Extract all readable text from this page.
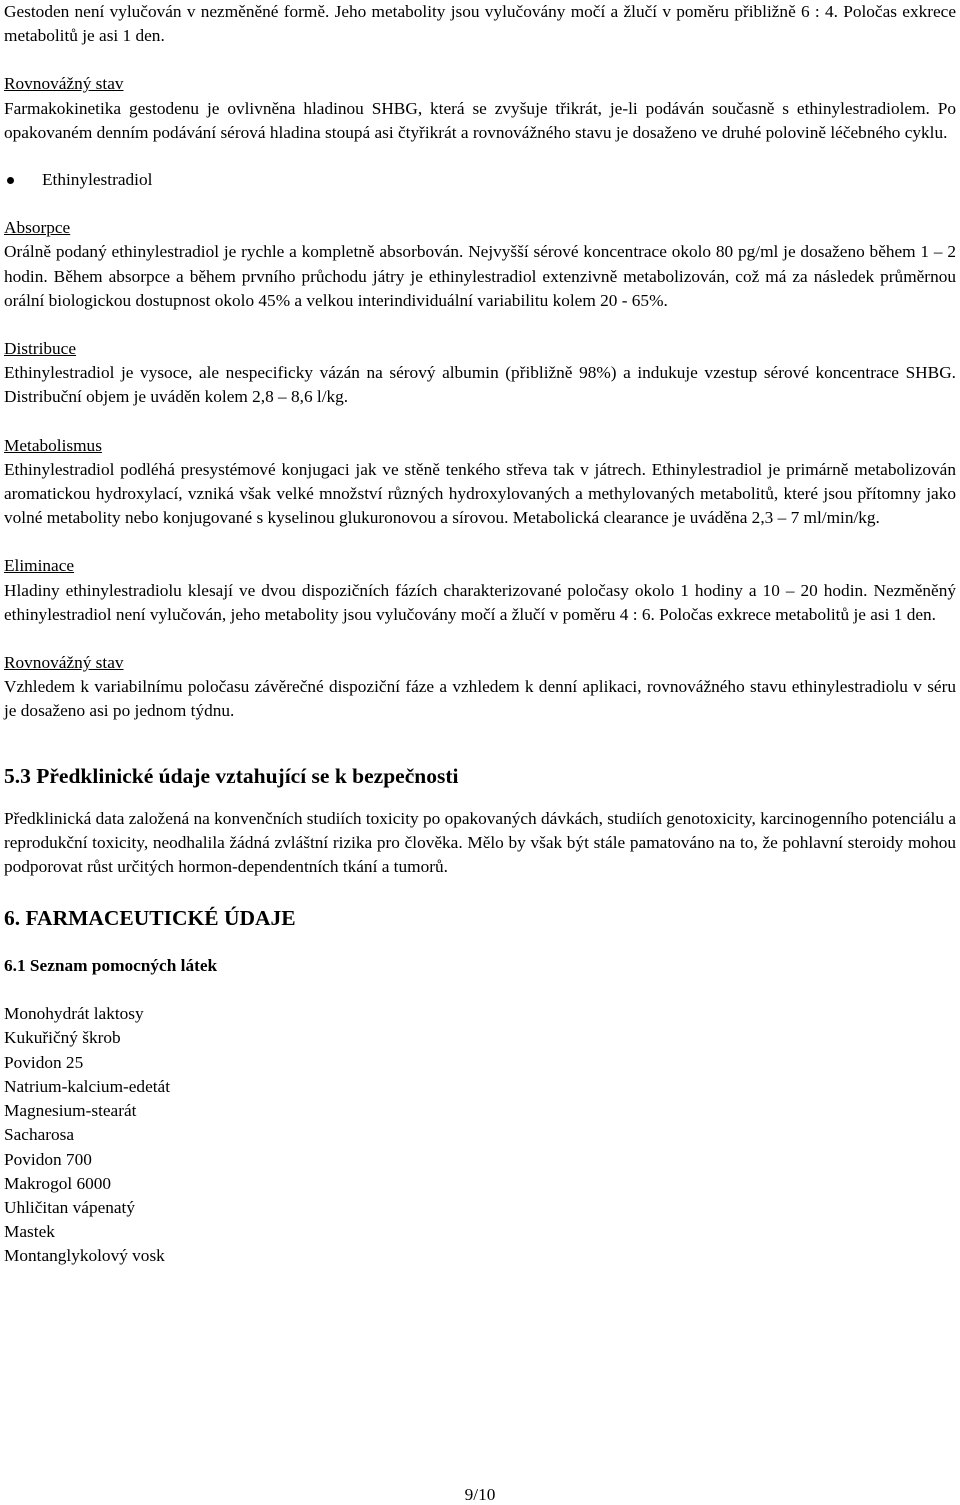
Gestoden není vylučován v nezměněné formě. Jeho metabolity jsou vylučovány močí a žlučí v poměru přibližně 6 : 4. Poločas exkrece metabolitů je asi 1 den.

Rovnovážný stav

Farmakokinetika gestodenu je ovlivněna hladinou SHBG, která se zvyšuje třikrát, je-li podáván současně s ethinylestradiolem. Po opakovaném denním podávání sérová hladina stoupá asi čtyřikrát a rovnovážného stavu je dosaženo ve druhé polovině léčebného cyklu.

Ethinylestradiol

Absorpce

Orálně podaný ethinylestradiol je rychle a kompletně absorbován. Nejvyšší sérové koncentrace okolo 80 pg/ml je dosaženo během 1 – 2 hodin. Během absorpce a během prvního průchodu játry je ethinylestradiol extenzivně metabolizován, což má za následek průměrnou orální biologickou dostupnost okolo 45% a velkou interindividuální variabilitu kolem 20 - 65%.

Distribuce

Ethinylestradiol je vysoce, ale nespecificky vázán na sérový albumin (přibližně 98%) a indukuje vzestup sérové koncentrace SHBG. Distribuční objem je uváděn kolem 2,8 – 8,6 l/kg.

Metabolismus

Ethinylestradiol podléhá presystémové konjugaci jak ve stěně tenkého střeva tak v játrech. Ethinylestradiol je primárně metabolizován aromatickou hydroxylací, vzniká však velké množství různých hydroxylovaných a methylovaných metabolitů, které jsou přítomny jako volné metabolity nebo konjugované s kyselinou glukuronovou a sírovou. Metabolická clearance je uváděna 2,3 – 7 ml/min/kg.

Eliminace

Hladiny ethinylestradiolu klesají ve dvou dispozičních fázích charakterizované poločasy okolo 1 hodiny a 10 – 20 hodin. Nezměněný ethinylestradiol není vylučován, jeho metabolity jsou vylučovány močí a žlučí v poměru 4 : 6. Poločas exkrece metabolitů je asi 1 den.

Rovnovážný stav

Vzhledem k variabilnímu poločasu závěrečné dispoziční fáze a vzhledem k denní aplikaci, rovnovážného stavu ethinylestradiolu v séru je dosaženo asi po jednom týdnu.

5.3 Předklinické údaje vztahující se k bezpečnosti

Předklinická data založená na konvenčních studiích toxicity po opakovaných dávkách, studiích genotoxicity, karcinogenního potenciálu a reprodukční toxicity, neodhalila žádná zvláštní rizika pro člověka. Mělo by však být stále pamatováno na to, že pohlavní steroidy mohou podporovat růst určitých hormon-dependentních tkání a tumorů.

6. FARMACEUTICKÉ ÚDAJE
6.1 Seznam pomocných látek
Monohydrát laktosy
Kukuřičný škrob
Povidon 25
Natrium-kalcium-edetát
Magnesium-stearát
Sacharosa
Povidon 700
Makrogol 6000
Uhličitan vápenatý
Mastek
Montanglykolový vosk
9/10
